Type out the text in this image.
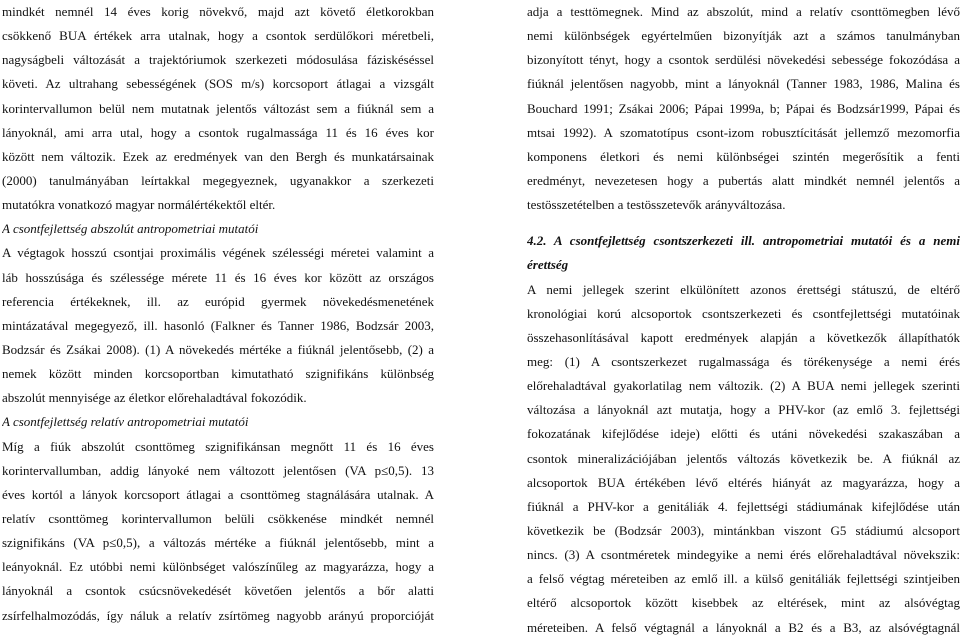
mindkét nemnél 14 éves korig növekvő, majd azt követő életkorokban
csökkenő BUA értékek arra utalnak, hogy a csontok serdülőkori méretbeli,
nagyságbeli változását a trajektóriumok szerkezeti módosulása fáziskéséssel
követi. Az ultrahang sebességének (SOS m/s) korcsoport átlagai a vizsgált
korintervallumon belül nem mutatnak jelentős változást sem a fiúknál sem a
lányoknál, ami arra utal, hogy a csontok rugalmassága 11 és 16 éves kor
között nem változik. Ezek az eredmények van den Bergh és munkatársainak
(2000) tanulmányában leírtakkal megegyeznek, ugyanakkor a szerkezeti
mutatókra vonatkozó magyar normálértékektől eltér.
A csontfejlettség abszolút antropometriai mutatói
A végtagok hosszú csontjai proximális végének szélességi méretei valamint a
láb hosszúsága és szélessége mérete 11 és 16 éves kor között az országos
referencia értékeknek, ill. az európid gyermek növekedésmenetének
mintázatával megegyező, ill. hasonló (Falkner és Tanner 1986, Bodzsár 2003,
Bodzsár és Zsákai 2008). (1) A növekedés mértéke a fiúknál jelentősebb, (2) a
nemek között minden korcsoportban kimutatható szignifikáns különbség
abszolút mennyisége az életkor előrehaladtával fokozódik.
A csontfejlettség relatív antropometriai mutatói
Míg a fiúk abszolút csonttömeg szignifikánsan megnőtt 11 és 16 éves
korintervallumban, addig lányoké nem változott jelentősen (VA p≤0,5). 13
éves kortól a lányok korcsoport átlagai a csonttömeg stagnálására utalnak. A
relatív csonttömeg korintervallumon belüli csökkenése mindkét nemnél
szignifikáns (VA p≤0,5), a változás mértéke a fiúknál jelentősebb, mint a
leányoknál. Ez utóbbi nemi különbséget valószínűleg az magyarázza, hogy a
lányoknál a csontok csúcsnövekedését követően jelentős a bőr alatti
zsírfelhalmozódás, így náluk a relatív zsírtömeg nagyobb arányú proporcióját
adja a testtömegnek. Mind az abszolút, mind a relatív csonttömegben lévő
nemi különbségek egyértelműen bizonyítják azt a számos tanulmányban
bizonyított tényt, hogy a csontok serdülési növekedési sebessége fokozódása a
fiúknál jelentősen nagyobb, mint a lányoknál (Tanner 1983, 1986, Malina és
Bouchard 1991; Zsákai 2006; Pápai 1999a, b; Pápai és Bodzsár1999, Pápai és
mtsai 1992). A szomatotípus csont-izom robusztícitását jellemző mezomorfia
komponens életkori és nemi különbségei szintén megerősítik a fenti
eredményt, nevezetesen hogy a pubertás alatt mindkét nemnél jelentős a
testösszetételben a testösszetevők arányváltozása.
4.2. A csontfejlettség csontszerkezeti ill. antropometriai mutatói és a nemi
érettség
A nemi jellegek szerint elkülönített azonos érettségi státuszú, de eltérő
kronológiai korú alcsoportok csontszerkezeti és csontfejlettségi mutatóinak
összehasonlításával kapott eredmények alapján a következők állapíthatók
meg: (1) A csontszerkezet rugalmassága és törékenysége a nemi érés
előrehaladtával gyakorlatilag nem változik. (2) A BUA nemi jellegek szerinti
változása a lányoknál azt mutatja, hogy a PHV-kor (az emlő 3. fejlettségi
fokozatának kifejlődése ideje) előtti és utáni növekedési szakaszában a
csontok mineralizációjában jelentős változás következik be. A fiúknál az
alcsoportok BUA értékében lévő eltérés hiányát az magyarázza, hogy a
fiúknál a PHV-kor a genitáliák 4. fejlettségi stádiumának kifejlődése után
következik be (Bodzsár 2003), mintánkban viszont G5 stádiumú alcsoport
nincs. (3) A csontméretek mindegyike a nemi érés előrehaladtával növekszik:
a felső végtag méreteiben az emlő ill. a külső genitáliák fejlettségi szintjeiben
eltérő alcsoportok között kisebbek az eltérések, mint az alsóvégtag
méreteiben. A felső végtagnál a lányoknál a B2 és a B3, az alsóvégtagnál
